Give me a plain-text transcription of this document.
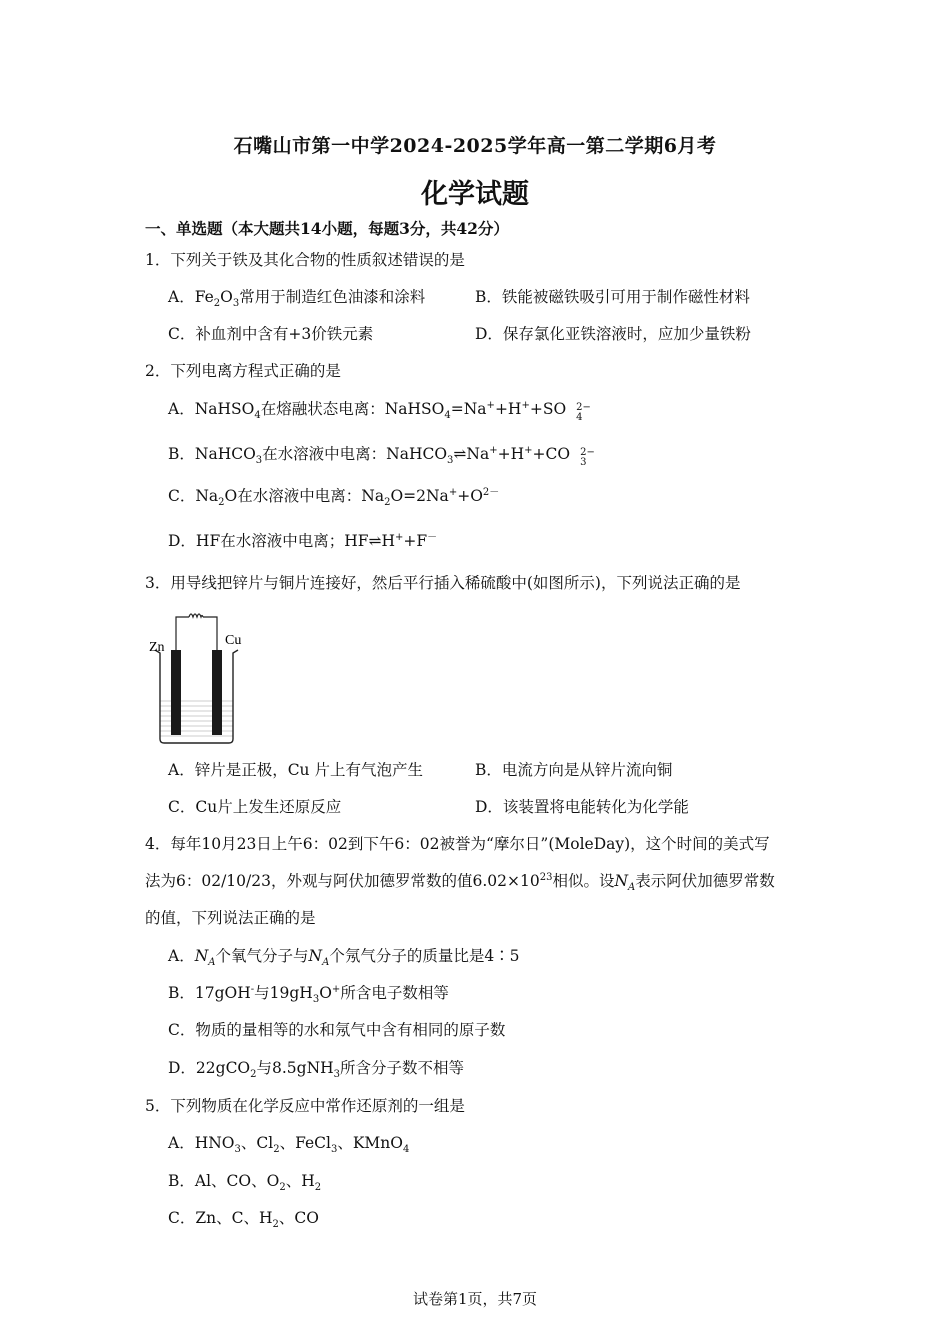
石嘴山市第一中学2024-2025学年高一第二学期6月考
化学试题
一、单选题（本大题共14小题，每题3分，共42分）
1．下列关于铁及其化合物的性质叙述错误的是
A．$Fe_2O_3$常用于制造红色油漆和涂料	B．铁能被磁铁吸引可用于制作磁性材料
C．补血剂中含有+3价铁元素	D．保存氯化亚铁溶液时，应加少量铁粉
2．下列电离方程式正确的是
A．NaHSO$_4$在熔融状态电离：NaHSO$_4$=Na++H++SO 2−
4
B．NaHCO$_3$在水溶液中电离：NaHCO$_3$⇌Na++H++CO 2−
3
C．$Na_2O$在水溶液中电离：$Na_2O=2Na^++O^{2-}$
D．HF在水溶液中电离；HF⇌H++F－
3．用导线把锌片与铜片连接好，然后平行插入稀硫酸中(如图所示)，下列说法正确的是
Zn	Cu
A．锌片是正极，Cu 片上有气泡产生	B．电流方向是从锌片流向铜
C．Cu片上发生还原反应	D．该装置将电能转化为化学能
4．每年10月23日上午6：02到下午6：02被誉为“摩尔日”(MoleDay)，这个时间的美式写
法为6：02/10/23，外观与阿伏加德罗常数的值$6.02\times 10^{23}$相似。设$N_A$表示阿伏加德罗常数
的值，下列说法正确的是
A．$N_A$个氧气分子与$N_A$个氖气分子的质量比是4∶5
B．17gOH-与$19gH_3O^+$所含电子数相等
C．物质的量相等的水和氖气中含有相同的原子数
D．22gCO$_2$与8.5gNH$_3$所含分子数不相等
5．下列物质在化学反应中常作还原剂的一组是
A．$HNO_3$、$Cl_2$、FeCl$_3$、KMnO$_4$
B．Al、CO、$O_2$、$H_2$
C．Zn、C、$H_2$、CO
试卷第1页，共7页
